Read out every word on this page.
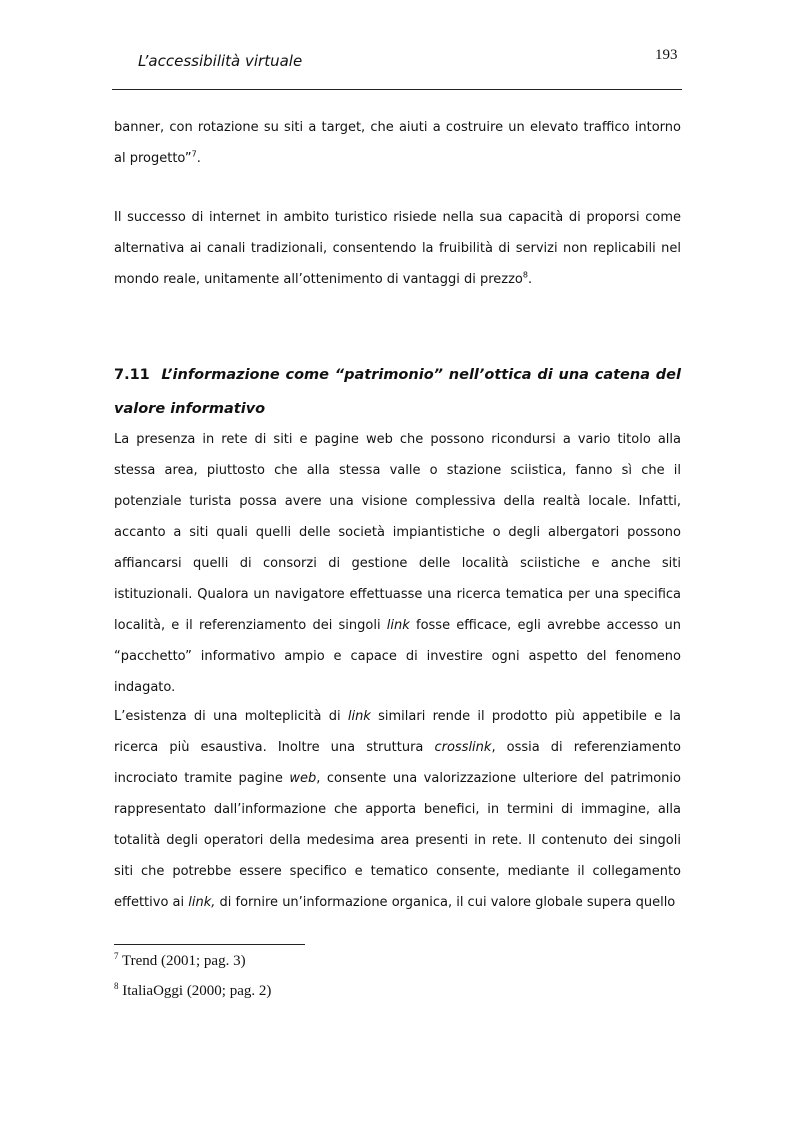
L’accessibilità virtuale	193

banner, con rotazione su siti a target, che aiuti a costruire un elevato traffico intorno al progetto”$^7$.

Il successo di internet in ambito turistico risiede nella sua capacità di proporsi come alternativa ai canali tradizionali, consentendo la fruibilità di servizi non replicabili nel mondo reale, unitamente all’ottenimento di vantaggi di prezzo$^8$.

7.11 L’informazione come “patrimonio” nell’ottica di una catena del valore informativo

La presenza in rete di siti e pagine web che possono ricondursi a vario titolo alla stessa area, piuttosto che alla stessa valle o stazione sciistica, fanno sì che il potenziale turista possa avere una visione complessiva della realtà locale. Infatti, accanto a siti quali quelli delle società impiantistiche o degli albergatori possono affiancarsi quelli di consorzi di gestione delle località sciistiche e anche siti istituzionali. Qualora un navigatore effettuasse una ricerca tematica per una specifica località, e il referenziamento dei singoli link fosse efficace, egli avrebbe accesso un “pacchetto” informativo ampio e capace di investire ogni aspetto del fenomeno indagato.

L’esistenza di una molteplicità di link similari rende il prodotto più appetibile e la ricerca più esaustiva. Inoltre una struttura crosslink, ossia di referenziamento incrociato tramite pagine web, consente una valorizzazione ulteriore del patrimonio rappresentato dall’informazione che apporta benefici, in termini di immagine, alla totalità degli operatori della medesima area presenti in rete. Il contenuto dei singoli siti che potrebbe essere specifico e tematico consente, mediante il collegamento effettivo ai link, di fornire un’informazione organica, il cui valore globale supera quello

$^7$ Trend (2001; pag. 3)
$^8$ ItaliaOggi (2000; pag. 2)
